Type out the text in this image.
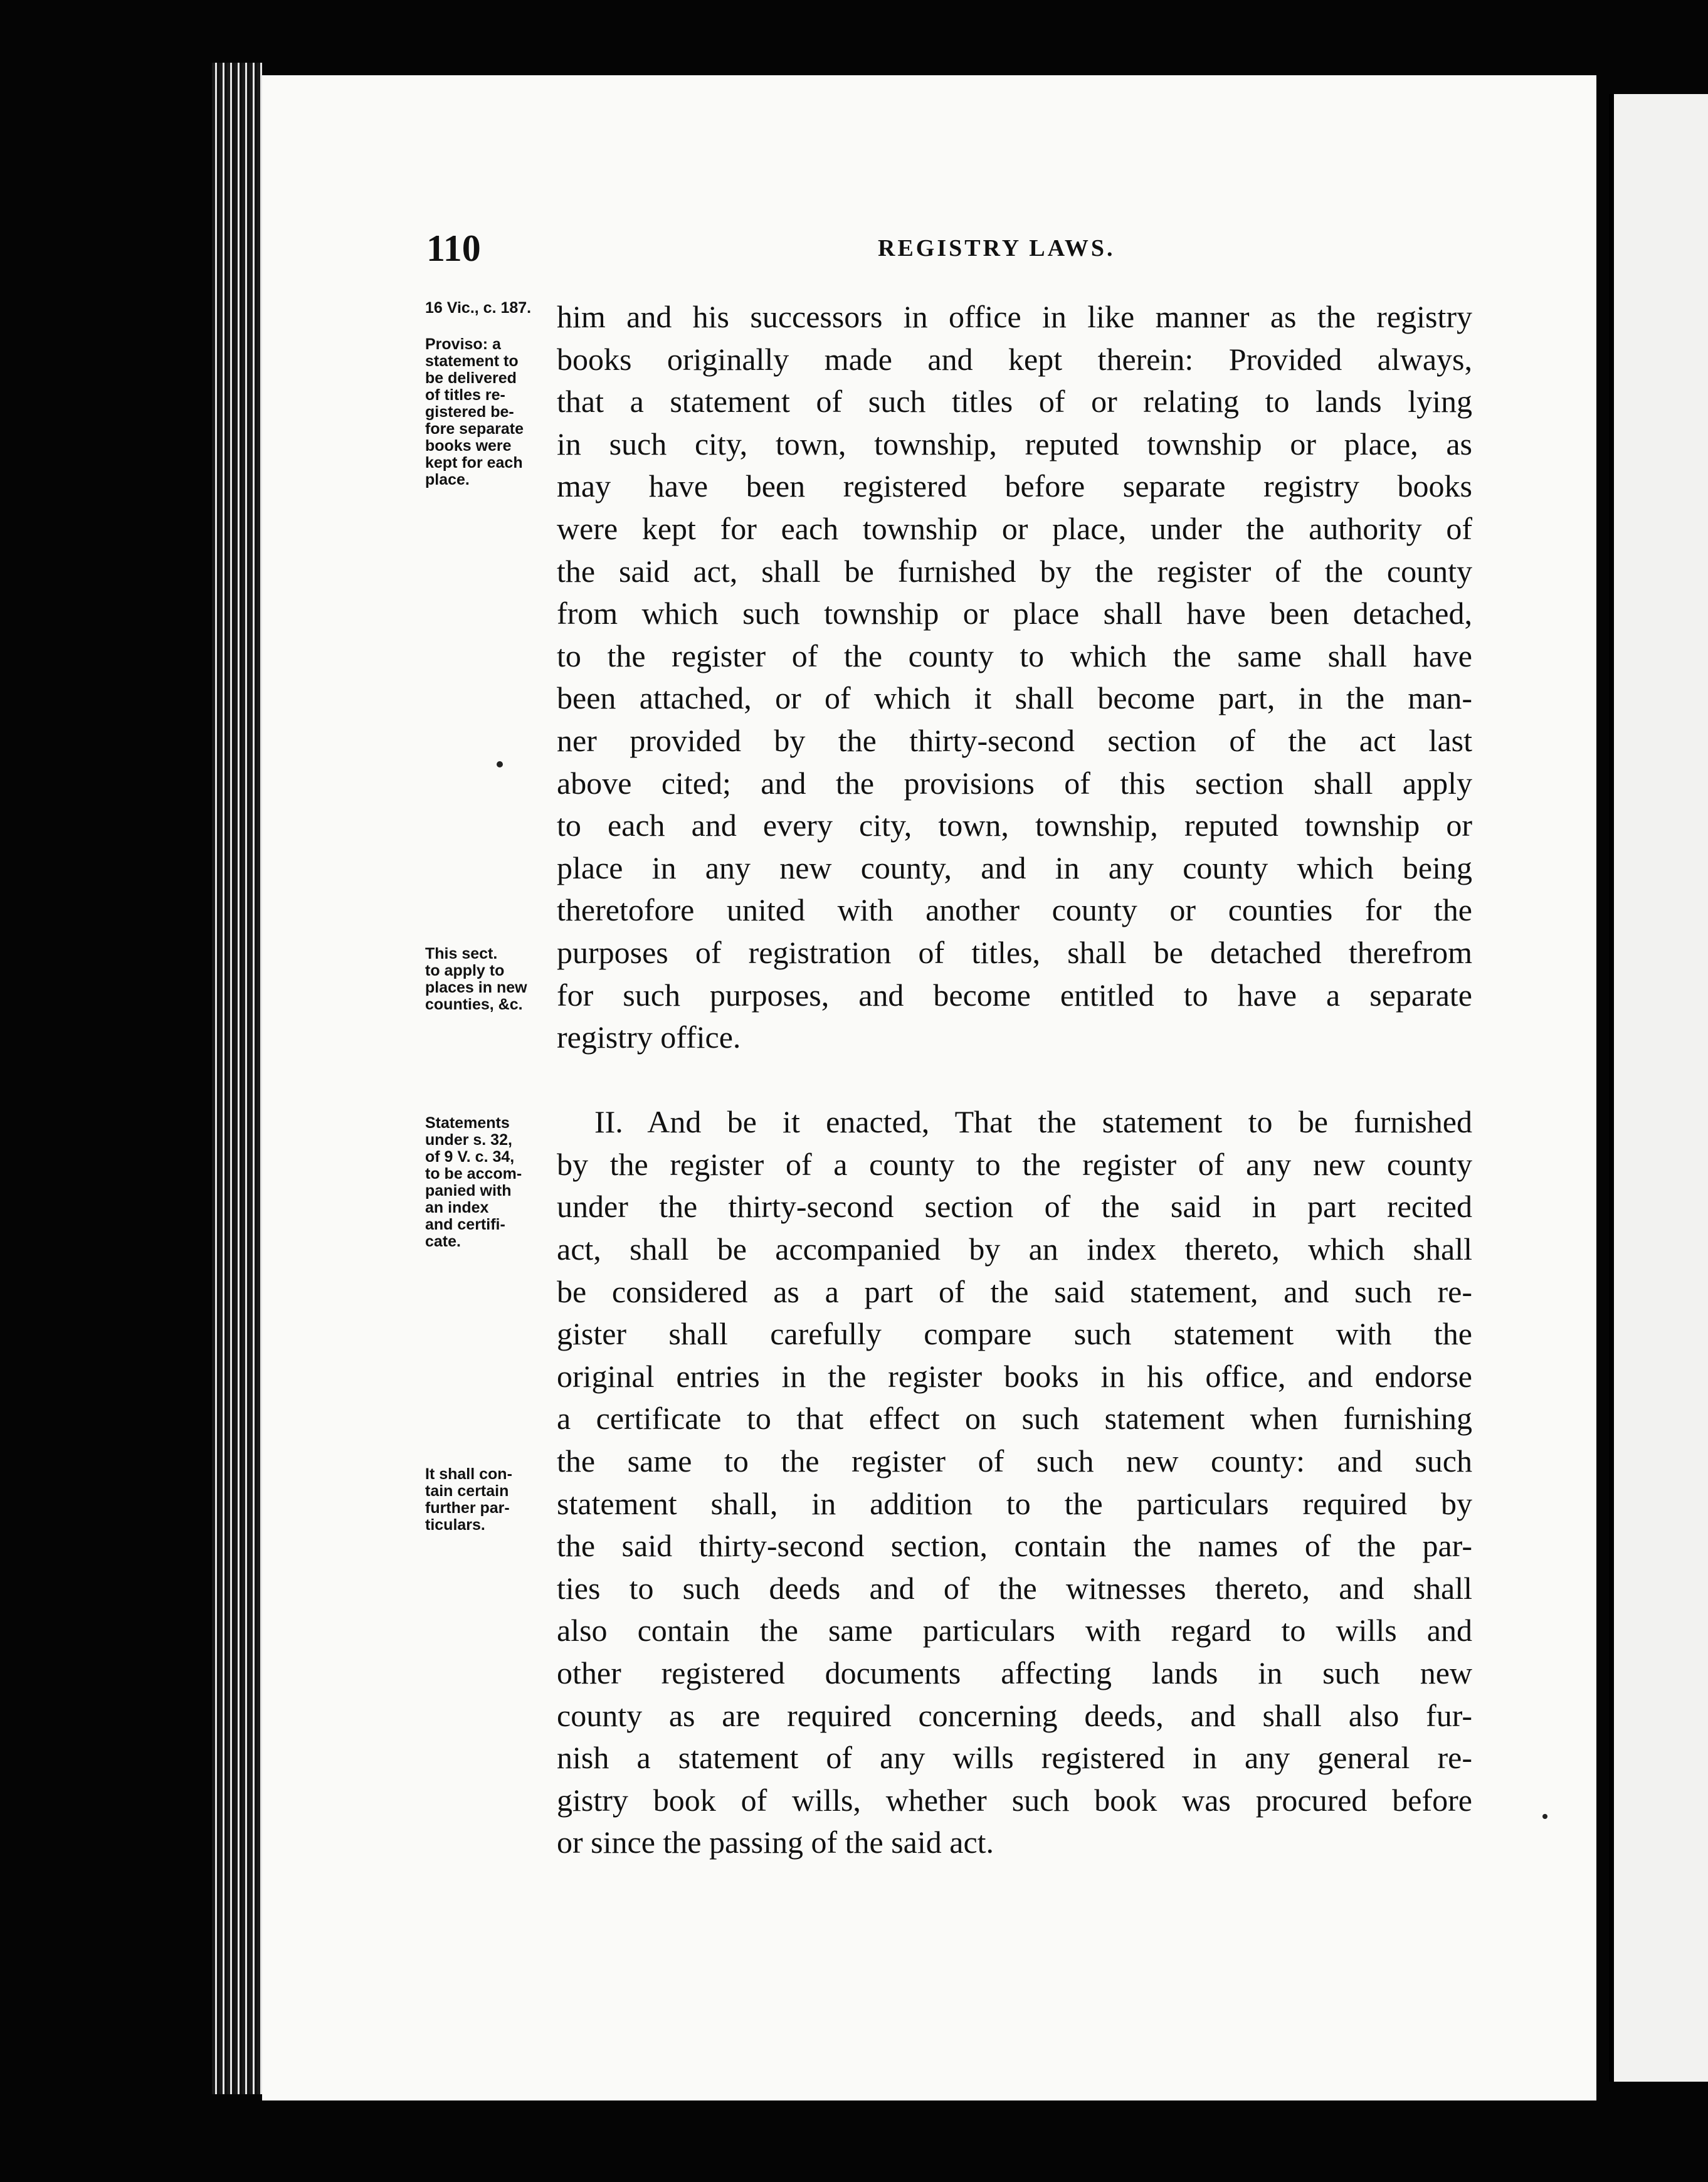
110	REGISTRY LAWS.
16 Vic., c. 187.
Proviso: a
statement to
be delivered
of titles re-
gistered be-
fore separate
books were
kept for each
place.
This sect.
to apply to
places in new
counties, &c.
Statements
under s. 32,
of 9 V. c. 34,
to be accom-
panied with
an index
and certifi-
cate.
It shall con-
tain certain
further par-
ticulars.
him and his successors in office in like manner as the registry
books originally made and kept therein: Provided always,
that a statement of such titles of or relating to lands lying
in such city, town, township, reputed township or place, as
may have been registered before separate registry books
were kept for each township or place, under the authority of
the said act, shall be furnished by the register of the county
from which such township or place shall have been detached,
to the register of the county to which the same shall have
been attached, or of which it shall become part, in the man-
ner provided by the thirty-second section of the act last
above cited; and the provisions of this section shall apply
to each and every city, town, township, reputed township or
place in any new county, and in any county which being
theretofore united with another county or counties for the
purposes of registration of titles, shall be detached therefrom
for such purposes, and become entitled to have a separate
registry office.
II. And be it enacted, That the statement to be furnished
by the register of a county to the register of any new county
under the thirty-second section of the said in part recited
act, shall be accompanied by an index thereto, which shall
be considered as a part of the said statement, and such re-
gister shall carefully compare such statement with the
original entries in the register books in his office, and endorse
a certificate to that effect on such statement when furnishing
the same to the register of such new county: and such
statement shall, in addition to the particulars required by
the said thirty-second section, contain the names of the par-
ties to such deeds and of the witnesses thereto, and shall
also contain the same particulars with regard to wills and
other registered documents affecting lands in such new
county as are required concerning deeds, and shall also fur-
nish a statement of any wills registered in any general re-
gistry book of wills, whether such book was procured before
or since the passing of the said act.
